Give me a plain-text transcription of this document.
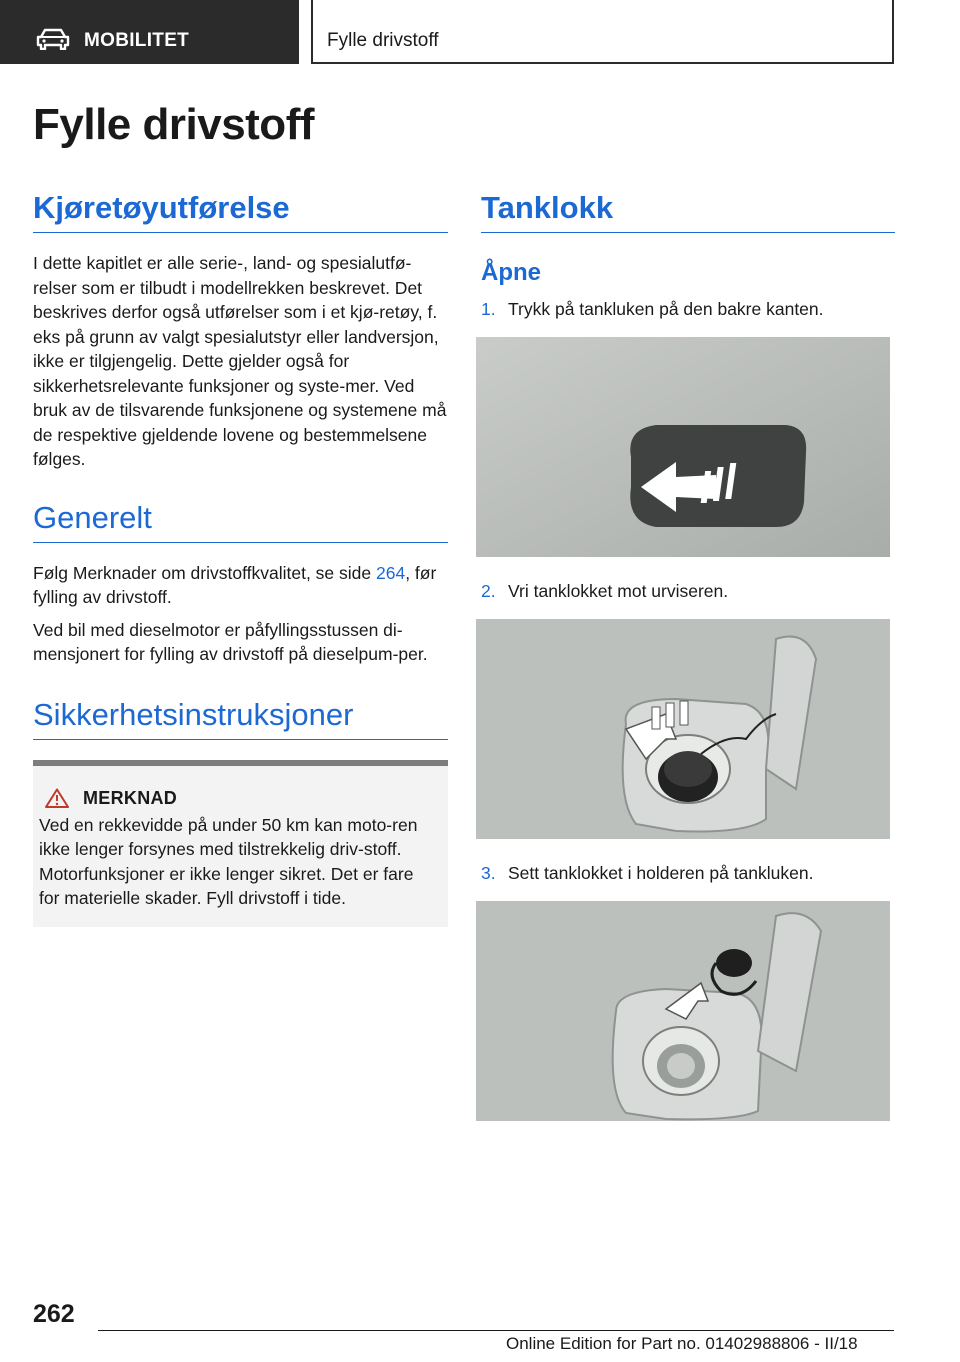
MOBILITET	Fylle drivstoff
Fylle drivstoff
Kjøretøyutførelse

I dette kapitlet er alle serie-, land- og spesialutfø-relser som er tilbudt i modellrekken beskrevet. Det beskrives derfor også utførelser som i et kjø-retøy, f. eks på grunn av valgt spesialutstyr eller landversjon, ikke er tilgjengelig. Dette gjelder også for sikkerhetsrelevante funksjoner og syste-mer. Ved bruk av de tilsvarende funksjonene og systemene må de respektive gjeldende lovene og bestemmelsene følges.

Generelt

Følg Merknader om drivstoffkvalitet, se side 264, før fylling av drivstoff.

Ved bil med dieselmotor er påfyllingsstussen di-mensjonert for fylling av drivstoff på dieselpum-per.

Sikkerhetsinstruksjoner
MERKNAD

Ved en rekkevidde på under 50 km kan moto-ren ikke lenger forsynes med tilstrekkelig driv-stoff. Motorfunksjoner er ikke lenger sikret. Det er fare for materielle skader. Fyll drivstoff i tide.

Tanklokk
Åpne
1. Trykk på tankluken på den bakre kanten.
2. Vri tanklokket mot urviseren.
3. Sett tanklokket i holderen på tankluken.
262
Online Edition for Part no. 01402988806 - II/18
